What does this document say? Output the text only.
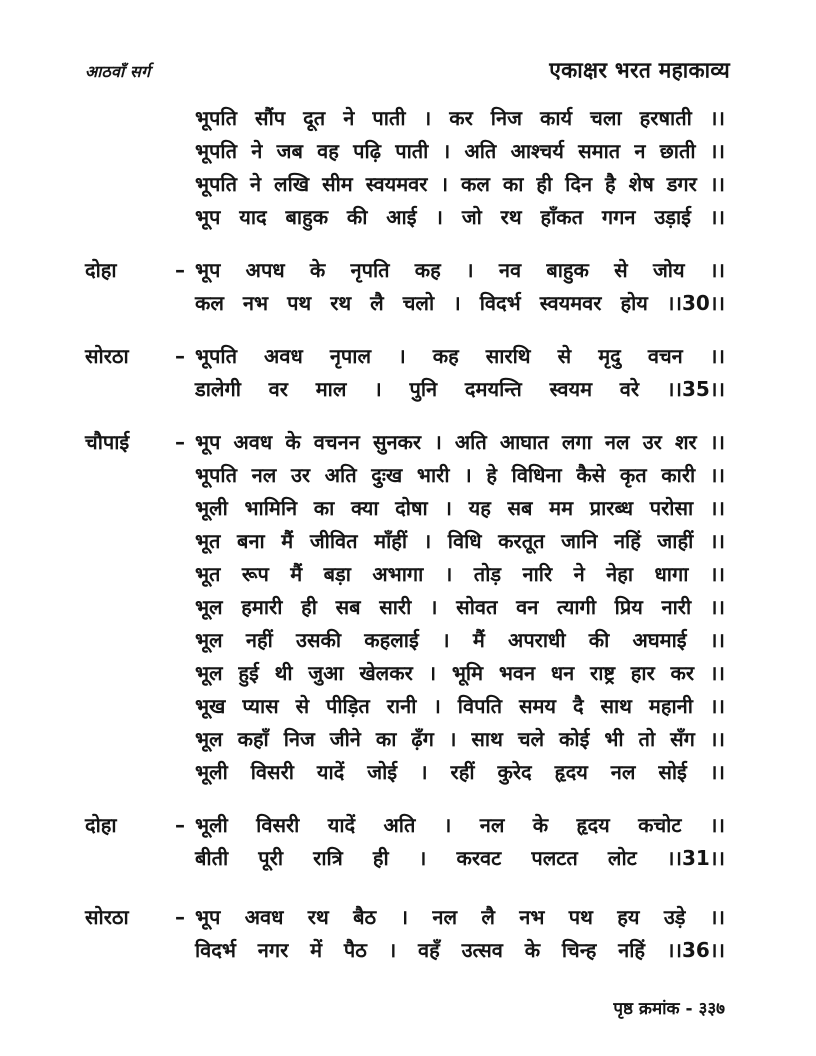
आठवाँ सर्ग	एकाक्षर भरत महाकाव्य
भूपति सौंप दूत ने पाती । कर निज कार्य चला हरषाती ।।
भूपति ने जब वह पढ़ि पाती । अति आश्चर्य समात न छाती ।।
भूपति ने लखि सीम स्वयमवर । कल का ही दिन है शेष डगर ।।
भूप याद बाहुक की आई । जो रथ हाँकत गगन उड़ाई ।।
दोहा	– भूप अपध के नृपति कह । नव बाहुक से जोय ।।
कल नभ पथ रथ लै चलो । विदर्भ स्वयमवर होय ।।30।।
सोरठा – भूपति अवध नृपाल । कह सारथि से मृदु वचन ।।
डालेगी वर माल । पुनि दमयन्ति स्वयम वरे ।।35।।
चौपाई – भूप अवध के वचनन सुनकर । अति आघात लगा नल उर शर ।।
भूपति नल उर अति दुःख भारी । हे विधिना कैसे कृत कारी ।।
भूली भामिनि का क्या दोषा । यह सब मम प्रारब्ध परोसा ।।
भूत बना मैं जीवित माँहीं । विधि करतूत जानि नहिं जाहीं ।।
भूत रूप मैं बड़ा अभागा । तोड़ नारि ने नेहा धागा ।।
भूल हमारी ही सब सारी । सोवत वन त्यागी प्रिय नारी ।।
भूल नहीं उसकी कहलाई । मैं अपराधी की अघमाई ।।
भूल हुई थी जुआ खेलकर । भूमि भवन धन राष्ट्र हार कर ।।
भूख प्यास से पीड़ित रानी । विपति समय दै साथ महानी ।।
भूल कहाँ निज जीने का ढ़ँग । साथ चले कोई भी तो सँग ।।
भूली विसरी यादें जोई । रहीं कुरेद हृदय नल सोई ।।
दोहा	– भूली विसरी यादें अति । नल के हृदय कचोट ।।
बीती पूरी रात्रि ही । करवट पलटत लोट ।।31।।
सोरठा – भूप अवध रथ बैठ । नल लै नभ पथ हय उड़े ।।
विदर्भ नगर में पैठ । वहँ उत्सव के चिन्ह नहिं ।।36।।
पृष्ठ क्रमांक - ३३७
